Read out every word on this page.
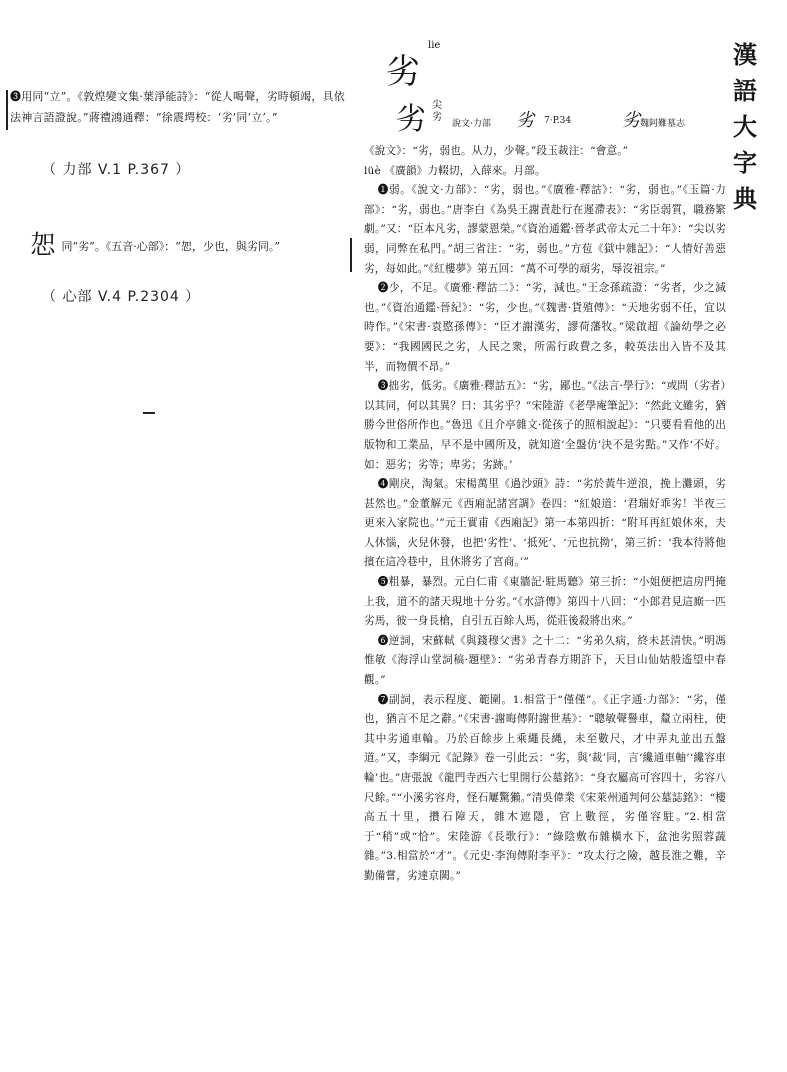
❸用同“立”。《敦煌變文集·葉淨能詩》：“從人喝聲，劣時頓竭，具依法神言語證說。”蔣禮鴻通釋：“徐震堮校：‘劣’同‘立’。”
（ 力部 V.1 P.367 ）
㤎 同“劣”。《五音·心部》：“㤎，少也，與劣同。”
（ 心部 V.4 P.2304 ）
劣
lie
劣 尖劣
說文·力部 劣 7·P.34	劣 魏阿難墓志
漢
語
大
字
典

《說文》：“劣，弱也。从力，少聲。”段玉裁注：“會意。”

lüè 《廣韻》力輟切，入薛來。月部。

❶弱。《說文·力部》：“劣，弱也。”《廣雅·釋詁》：“劣，弱也。”《玉篇·力部》：“劣，弱也。”唐李白《為吳王謝責赴行在遲滯表》：“劣臣弱質，職務繁劇。”又：“臣本凡劣，謬蒙恩榮。”《資治通鑑·晉孝武帝太元二十年》：“尖以劣弱，同弊在私門。”胡三省注：“劣，弱也。”方苞《獄中雜記》：“人情好善惡劣，每如此。”《紅樓夢》第五回：“萬不可學的頑劣，辱沒祖宗。”

❷少，不足。《廣雅·釋詁二》：“劣，減也。”王念孫疏證：“劣者，少之減也。”《資治通鑑·晉紀》：“劣，少也。”《魏書·貨殖傳》：“天地劣弱不任，宜以時作。”《宋書·袁愍孫傳》：“臣才謝漢劣，謬荷藩牧。”梁啟超《論幼學之必要》：“我國國民之劣，人民之衆，所需行政費之多，較英法出入皆不及其半，而物價不昂。”

❸拙劣，低劣。《廣雅·釋詁五》：“劣，鄙也。”《法言·學行》：“或問（劣者）以其同，何以其異？曰：其劣乎？”宋陸游《老學庵筆記》：“然此文雖劣，猶勝今世俗所作也。”魯迅《且介亭雜文·從孩子的照相說起》：“只要看看他的出版物和工業品，早不是中國所及，就知道‘全盤仿’決不是劣點。”又作‘不好。如：惡劣；劣等；卑劣；劣跡。’

❹剛戾，淘氣。宋楊萬里《過沙頭》詩：“劣於黃牛逆浪，挽上灘頭，劣甚然也。”金董解元《西廂記諸宮調》卷四：“紅娘道：‘君瑞好乖劣！半夜三更來入家院也。’”元王實甫《西廂記》第一本第四折：“附耳再紅娘休來，夫人休惱，火兒休發，也把‘劣性’、‘抵死’、‘元也抗拗’，第三折：‘我本待將他擯在這冷巷中，且休將劣了宮商。’”

❺粗暴，暴烈。元白仁甫《東牆記·駐馬聽》第三折：“小姐便把這房門掩上我，道不的諸天現地十分劣。”《水滸傳》第四十八回：“小郎君見這廝一匹劣馬，彼一身長槍，自引五百餘人馬，從莊後殺將出來。”

❻逆詞，宋蘇軾《與錢穆父書》之十二：“劣弟久病，終未甚清快。”明馮惟敏《海浮山堂詞稿·題壁》：“劣弟青春方期許下，天目山仙姑般遙望中春觀。”

❼副詞，表示程度、範圍。1.相當于“僅僅”。《正字通·力部》：“劣，僅也，猶言不足之辭。”《宋書·謝晦傳附謝世基》：“聰敏聲譽車，釐立兩柱，使其中劣通車輪。乃於百餘步上乘繩長縄，未至數尺，才中弄丸並出五盤道。”又，李綱元《記錄》卷一引此云：“劣，與‘裁’同，言‘纔通車軸’‘纔容車輪’也。”唐張說《龍門寺西六七里開行公墓銘》：“身衣屬高可容四十，劣容八尺餘。”“小溪劣容舟，怪石屢驚獺。”清吳偉業《宋萊州通判何公墓誌銘》：“樓高五十里，攢石障天，雜木遮隱，官上數徑，劣僅容駐。”2.相當于“稍”或“恰”。宋陸游《長歌行》：“綠陰敷布雜橫水下，盆池劣照蓉蔬雜。”3.相當於“才”。《元史·李洵傳附李平》：“攻太行之險，越長淮之難，辛勤備嘗，劣達京闕。”
